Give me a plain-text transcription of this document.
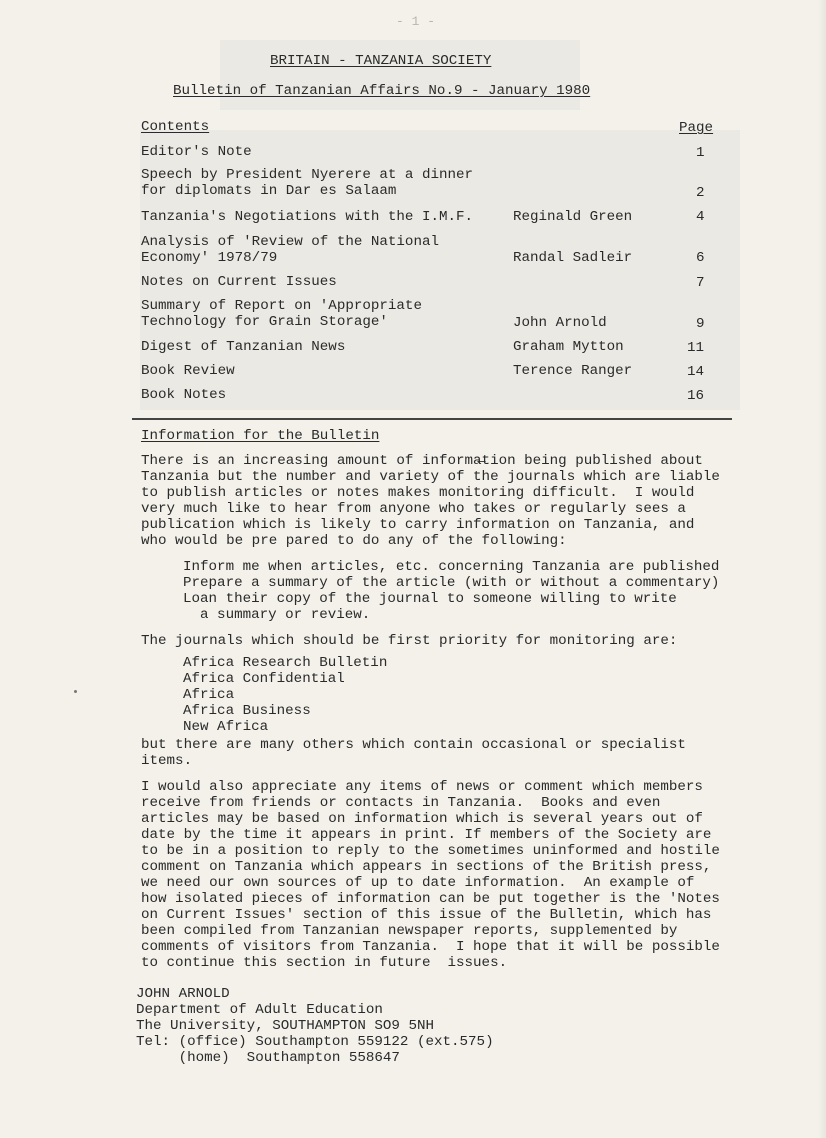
- 1 -
BRITAIN - TANZANIA SOCIETY
Bulletin of Tanzanian Affairs No.9 - January 1980
Contents	Page
Editor's Note	1
Speech by President Nyerere at a dinner
for diplomats in Dar es Salaam	2
Tanzania's Negotiations with the I.M.F.	Reginald Green	4
Analysis of 'Review of the National
Economy' 1978/79	Randal Sadleir	6
Notes on Current Issues	7
Summary of Report on 'Appropriate
Technology for Grain Storage'	John Arnold	9
Digest of Tanzanian News	Graham Mytton	11
Book Review	Terence Ranger	14
Book Notes	16
Information for the Bulletin
There is an increasing amount of informa̶tion being published about
Tanzania but the number and variety of the journals which are liable
to publish articles or notes makes monitoring difficult.  I would
very much like to hear from anyone who takes or regularly sees a
publication which is likely to carry information on Tanzania, and
who would be pre pared to do any of the following:
Inform me when articles, etc. concerning Tanzania are published
Prepare a summary of the article (with or without a commentary)
Loan their copy of the journal to someone willing to write
a summary or review.
The journals which should be first priority for monitoring are:
Africa Research Bulletin
Africa Confidential
Africa
Africa Business
New Africa
but there are many others which contain occasional or specialist
items.
I would also appreciate any items of news or comment which members
receive from friends or contacts in Tanzania.  Books and even
articles may be based on information which is several years out of
date by the time it appears in print. If members of the Society are
to be in a position to reply to the sometimes uninformed and hostile
comment on Tanzania which appears in sections of the British press,
we need our own sources of up to date information.  An example of
how isolated pieces of information can be put together is the 'Notes
on Current Issues' section of this issue of the Bulletin, which has
been compiled from Tanzanian newspaper reports, supplemented by
comments of visitors from Tanzania.  I hope that it will be possible
to continue this section in future  issues.
JOHN ARNOLD
Department of Adult Education
The University, SOUTHAMPTON SO9 5NH
Tel: (office) Southampton 559122 (ext.575)
(home)  Southampton 558647
